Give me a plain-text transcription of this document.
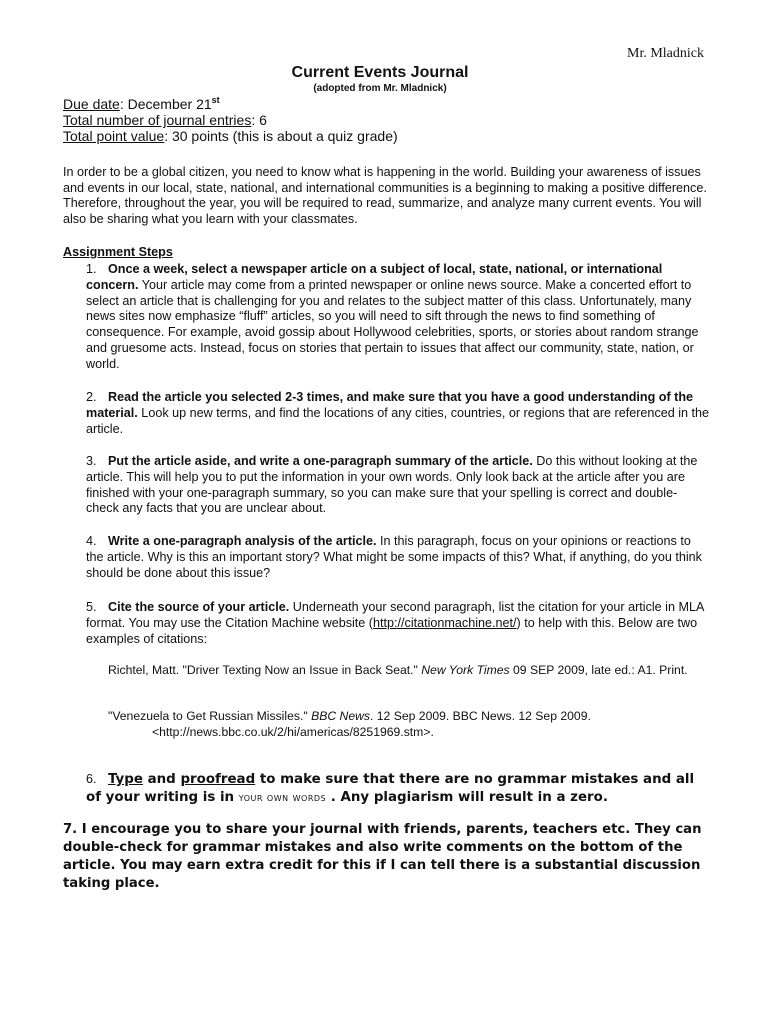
Mr. Mladnick
Current Events Journal
(adopted from Mr. Mladnick)
Due date: December 21st
Total number of journal entries: 6
Total point value: 30 points (this is about a quiz grade)
In order to be a global citizen, you need to know what is happening in the world. Building your awareness of issues and events in our local, state, national, and international communities is a beginning to making a positive difference. Therefore, throughout the year, you will be required to read, summarize, and analyze many current events. You will also be sharing what you learn with your classmates.
Assignment Steps
1. Once a week, select a newspaper article on a subject of local, state, national, or international concern. Your article may come from a printed newspaper or online news source. Make a concerted effort to select an article that is challenging for you and relates to the subject matter of this class. Unfortunately, many news sites now emphasize “fluff” articles, so you will need to sift through the news to find something of consequence. For example, avoid gossip about Hollywood celebrities, sports, or stories about random strange and gruesome acts. Instead, focus on stories that pertain to issues that affect our community, state, nation, or world.
2. Read the article you selected 2-3 times, and make sure that you have a good understanding of the material. Look up new terms, and find the locations of any cities, countries, or regions that are referenced in the article.
3. Put the article aside, and write a one-paragraph summary of the article. Do this without looking at the article. This will help you to put the information in your own words. Only look back at the article after you are finished with your one-paragraph summary, so you can make sure that your spelling is correct and double-check any facts that you are unclear about.
4. Write a one-paragraph analysis of the article. In this paragraph, focus on your opinions or reactions to the article. Why is this an important story? What might be some impacts of this? What, if anything, do you think should be done about this issue?
5. Cite the source of your article. Underneath your second paragraph, list the citation for your article in MLA format. You may use the Citation Machine website (http://citationmachine.net/) to help with this. Below are two examples of citations:
Richtel, Matt. "Driver Texting Now an Issue in Back Seat." New York Times 09 SEP 2009, late ed.: A1. Print.
"Venezuela to Get Russian Missiles." BBC News. 12 Sep 2009. BBC News. 12 Sep 2009. <http://news.bbc.co.uk/2/hi/americas/8251969.stm>.
6. Type and proofread to make sure that there are no grammar mistakes and all of your writing is in your own words . Any plagiarism will result in a zero.
7. I encourage you to share your journal with friends, parents, teachers etc. They can double-check for grammar mistakes and also write comments on the bottom of the article. You may earn extra credit for this if I can tell there is a substantial discussion taking place.
